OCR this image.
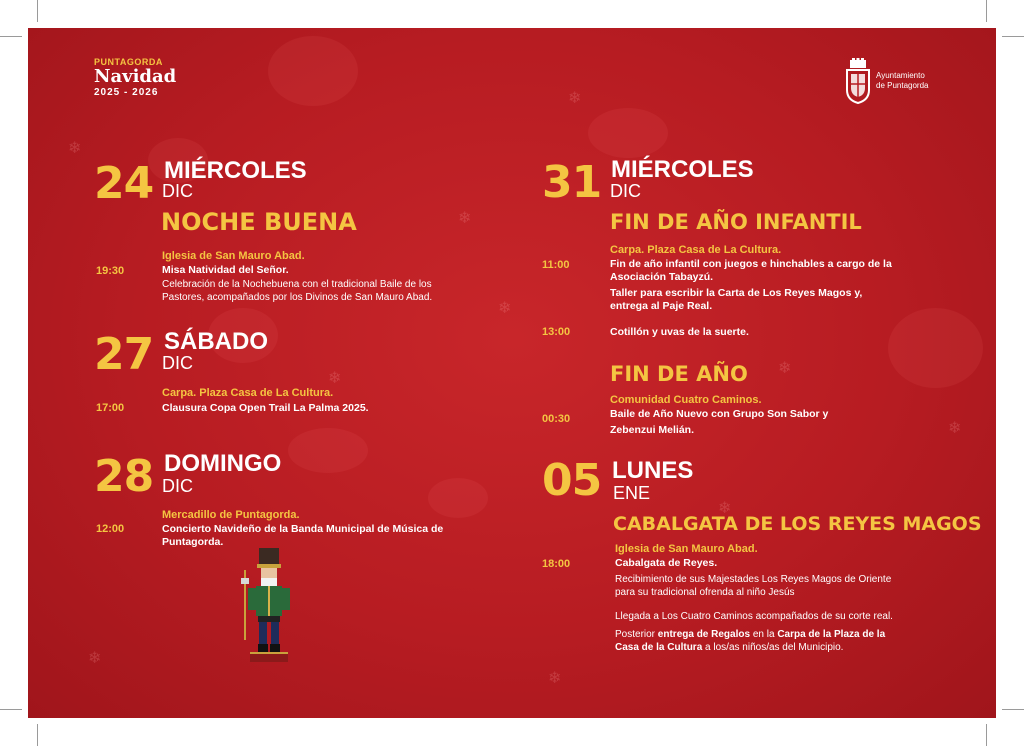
❄
❄
❄
❄
❄
❄
❄
❄
❄
❄
PUNTAGORDA
Navidad
2025 - 2026
Ayuntamiento
de Puntagorda
24 MIÉRCOLES
DIC
NOCHE BUENA
Iglesia de San Mauro Abad.
19:30	Misa Natividad del Señor.
Celebración de la Nochebuena con el tradicional Baile de los
Pastores, acompañados por los Divinos de San Mauro Abad.
27 SÁBADO
DIC
Carpa. Plaza Casa de La Cultura.
17:00	Clausura Copa Open Trail La Palma 2025.
28 DOMINGO
DIC
Mercadillo de Puntagorda.
12:00	Concierto Navideño de la Banda Municipal de Música de
Puntagorda.
31 MIÉRCOLES
DIC
FIN DE AÑO INFANTIL
Carpa. Plaza Casa de La Cultura.
11:00	Fin de año infantil con juegos e hinchables a cargo de la
Asociación Tabayzú.
Taller para escribir la Carta de Los Reyes Magos y,
entrega al Paje Real.
13:00	Cotillón y uvas de la suerte.
FIN DE AÑO
Comunidad Cuatro Caminos.
00:30	Baile de Año Nuevo con Grupo Son Sabor y
Zebenzui Melián.
05 LUNES
ENE
CABALGATA DE LOS REYES MAGOS
Iglesia de San Mauro Abad.
18:00	Cabalgata de Reyes.
Recibimiento de sus Majestades Los Reyes Magos de Oriente
para su tradicional ofrenda al niño Jesús
Llegada a Los Cuatro Caminos acompañados de su corte real.
Posterior entrega de Regalos en la Carpa de la Plaza de la
Casa de la Cultura a los/as niños/as del Municipio.
